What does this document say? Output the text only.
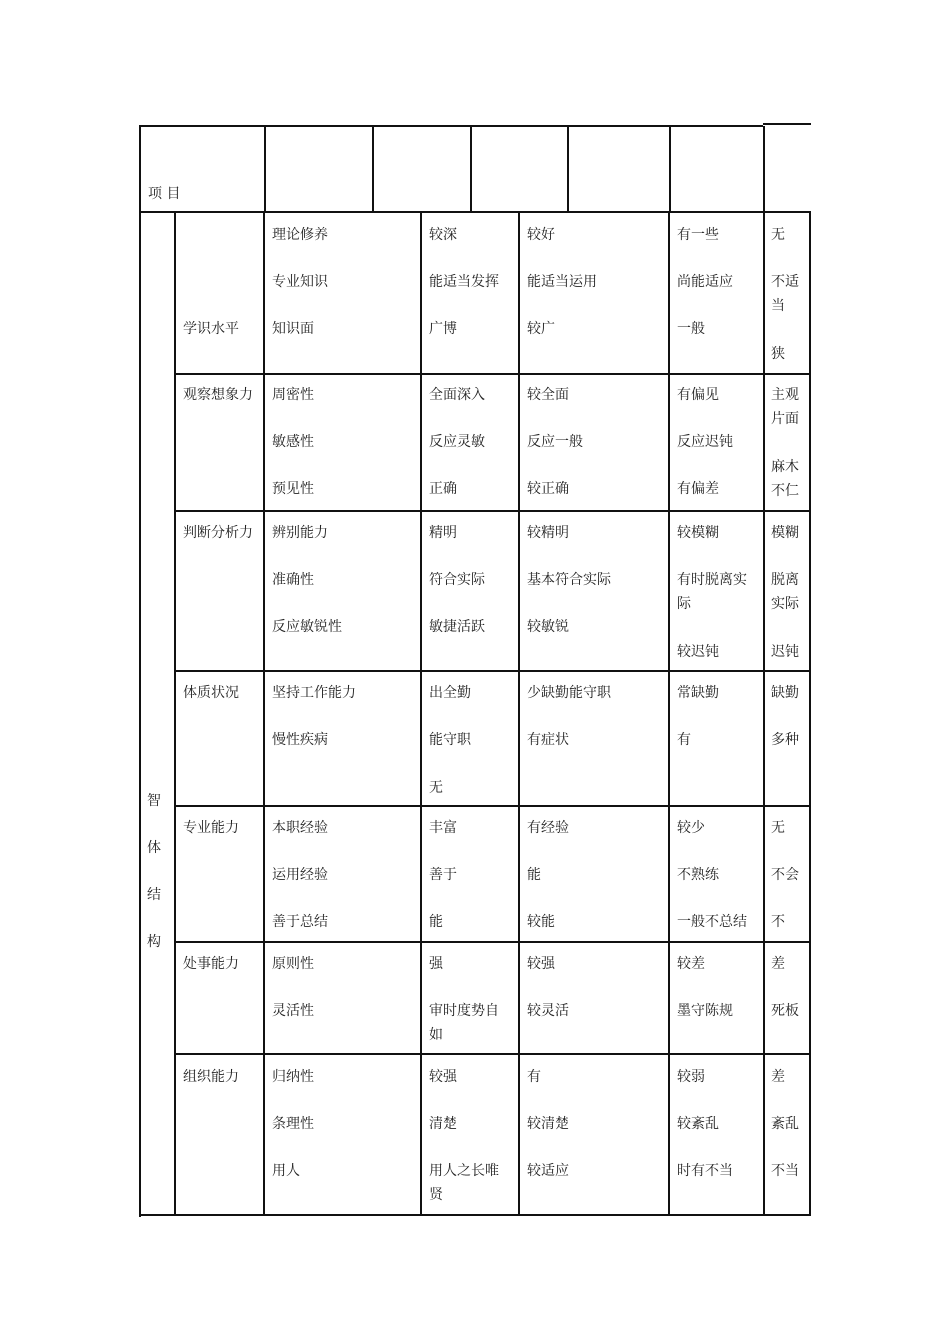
项 目
智
体
结
构
学识水平
理论修养
专业知识
知识面
较深
能适当发挥
广博
较好
能适当运用
较广
有一些
尚能适应
一般
无
不适当
狭
观察想象力 周密性
敏感性
预见性
全面深入
反应灵敏
正确
较全面
反应一般
较正确
有偏见
反应迟钝
有偏差
主观片面
麻木不仁
判断分析力 辨别能力
准确性
反应敏锐性
精明
符合实际
敏捷活跃
较精明
基本符合实际
较敏锐
较模糊
有时脱离实际
较迟钝
模糊
脱离实际
迟钝
体质状况 坚持工作能力
慢性疾病
出全勤
能守职
无
少缺勤能守职
有症状
常缺勤
有
缺勤
多种
专业能力 本职经验
运用经验
善于总结
丰富
善于
能
有经验
能
较能
较少
不熟练
一般不总结
无
不会
不
处事能力 原则性
灵活性
强
审时度势自如
较强
较灵活
较差
墨守陈规
差
死板
组织能力 归纳性
条理性
用人
较强
清楚
用人之长唯贤
有
较清楚
较适应
较弱
较紊乱
时有不当
差
紊乱
不当
